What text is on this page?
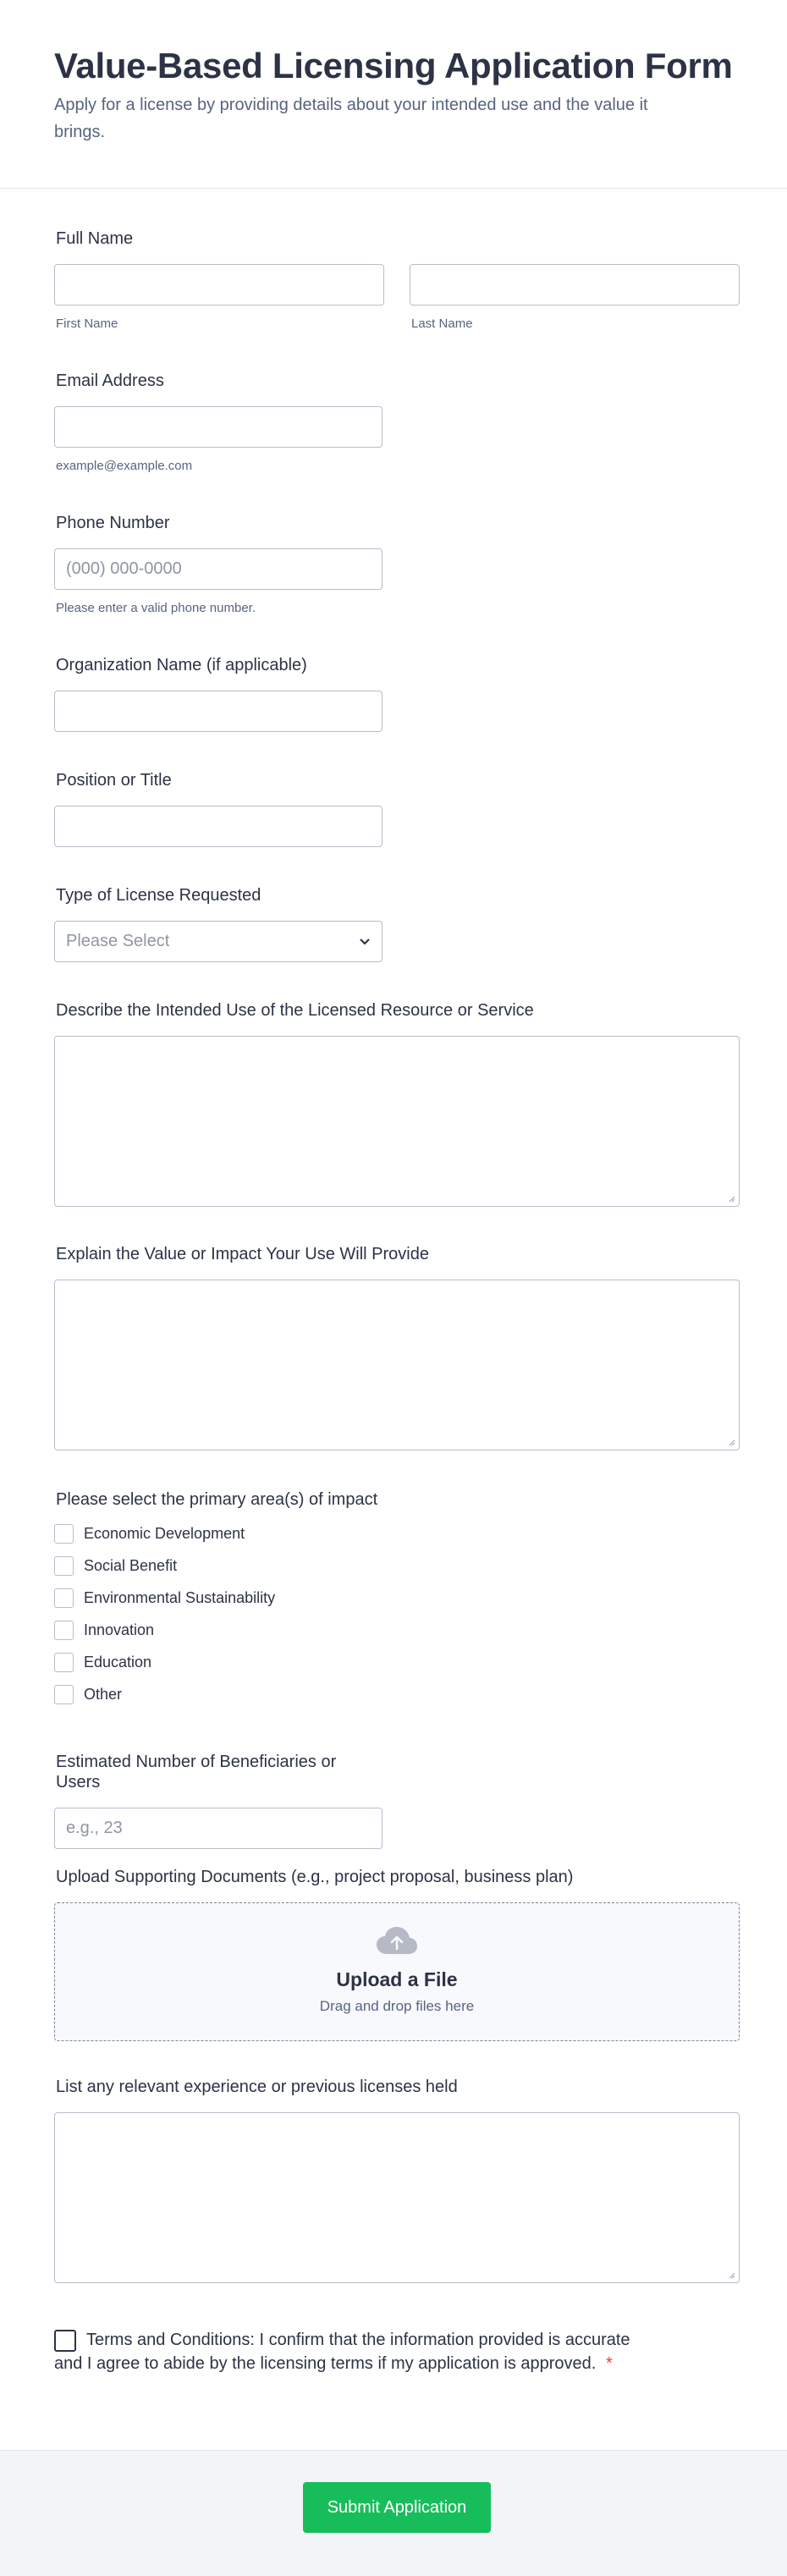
Value-Based Licensing Application Form

Apply for a license by providing details about your intended use and the value it brings.

Full Name
First Name	Last Name
Email Address
example@example.com
Phone Number
(000) 000-0000
Please enter a valid phone number.
Organization Name (if applicable)
Position or Title
Type of License Requested
Please Select
Describe the Intended Use of the Licensed Resource or Service
Explain the Value or Impact Your Use Will Provide
Please select the primary area(s) of impact
Economic Development
Social Benefit
Environmental Sustainability
Innovation
Education
Other
Estimated Number of Beneficiaries or Users
e.g., 23
Upload Supporting Documents (e.g., project proposal, business plan)
Upload a File
Drag and drop files here
List any relevant experience or previous licenses held
Terms and Conditions: I confirm that the information provided is accurate and I agree to abide by the licensing terms if my application is approved. *
Submit Application
